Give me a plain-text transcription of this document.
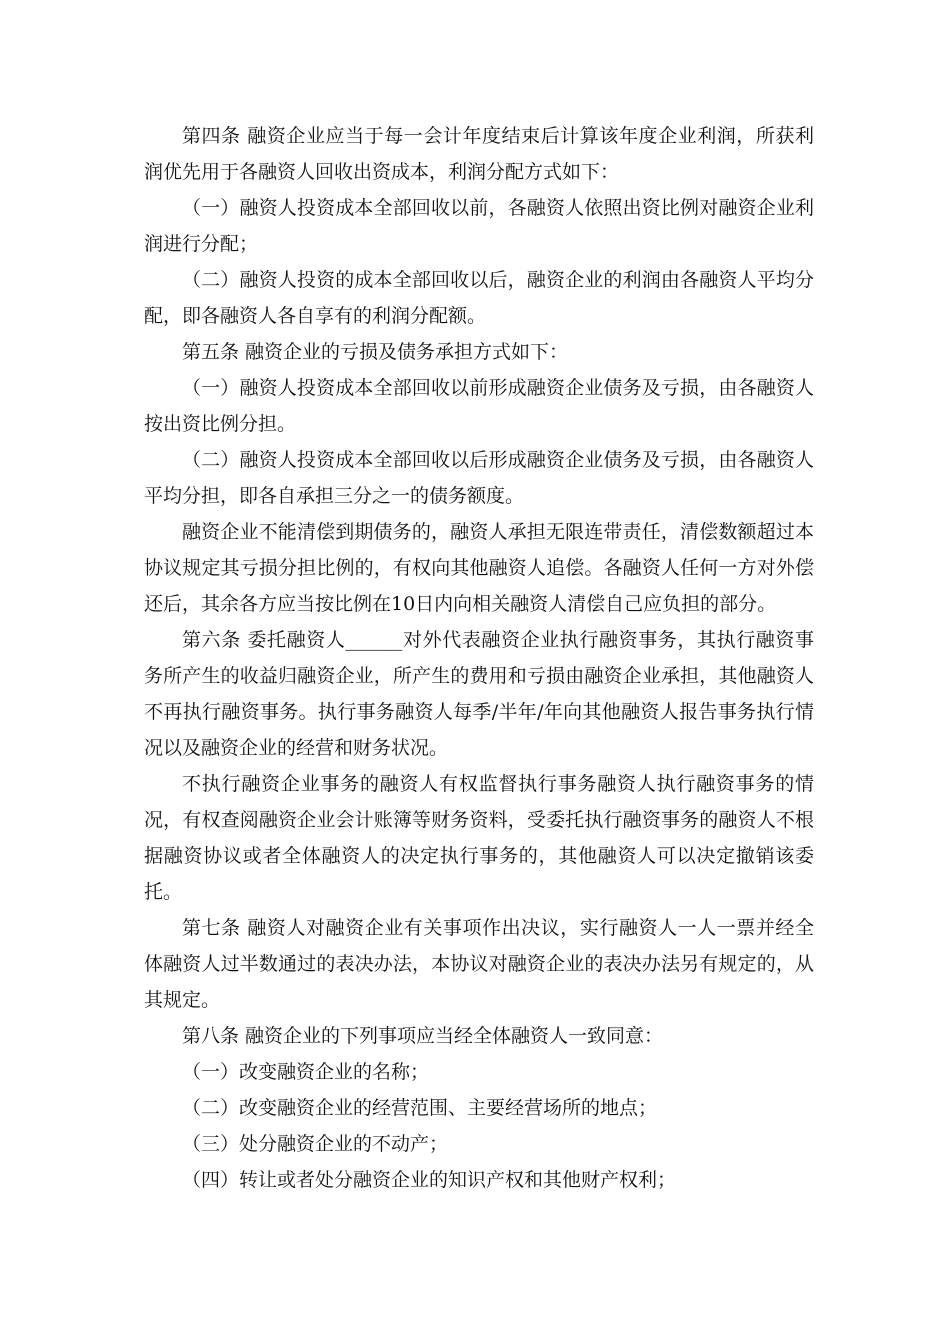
第四条 融资企业应当于每一会计年度结束后计算该年度企业利润，所获利润优先用于各融资人回收出资成本，利润分配方式如下：

（一）融资人投资成本全部回收以前，各融资人依照出资比例对融资企业利润进行分配；

（二）融资人投资的成本全部回收以后，融资企业的利润由各融资人平均分配，即各融资人各自享有的利润分配额。

第五条 融资企业的亏损及债务承担方式如下：

（一）融资人投资成本全部回收以前形成融资企业债务及亏损，由各融资人按出资比例分担。

（二）融资人投资成本全部回收以后形成融资企业债务及亏损，由各融资人平均分担，即各自承担三分之一的债务额度。

融资企业不能清偿到期债务的，融资人承担无限连带责任，清偿数额超过本协议规定其亏损分担比例的，有权向其他融资人追偿。各融资人任何一方对外偿还后，其余各方应当按比例在10日内向相关融资人清偿自己应负担的部分。

第六条 委托融资人______对外代表融资企业执行融资事务，其执行融资事务所产生的收益归融资企业，所产生的费用和亏损由融资企业承担，其他融资人不再执行融资事务。执行事务融资人每季/半年/年向其他融资人报告事务执行情况以及融资企业的经营和财务状况。

不执行融资企业事务的融资人有权监督执行事务融资人执行融资事务的情况，有权查阅融资企业会计账簿等财务资料，受委托执行融资事务的融资人不根据融资协议或者全体融资人的决定执行事务的，其他融资人可以决定撤销该委托。

第七条 融资人对融资企业有关事项作出决议，实行融资人一人一票并经全体融资人过半数通过的表决办法，本协议对融资企业的表决办法另有规定的，从其规定。

第八条 融资企业的下列事项应当经全体融资人一致同意：

（一）改变融资企业的名称；

（二）改变融资企业的经营范围、主要经营场所的地点；

（三）处分融资企业的不动产；

（四）转让或者处分融资企业的知识产权和其他财产权利；
